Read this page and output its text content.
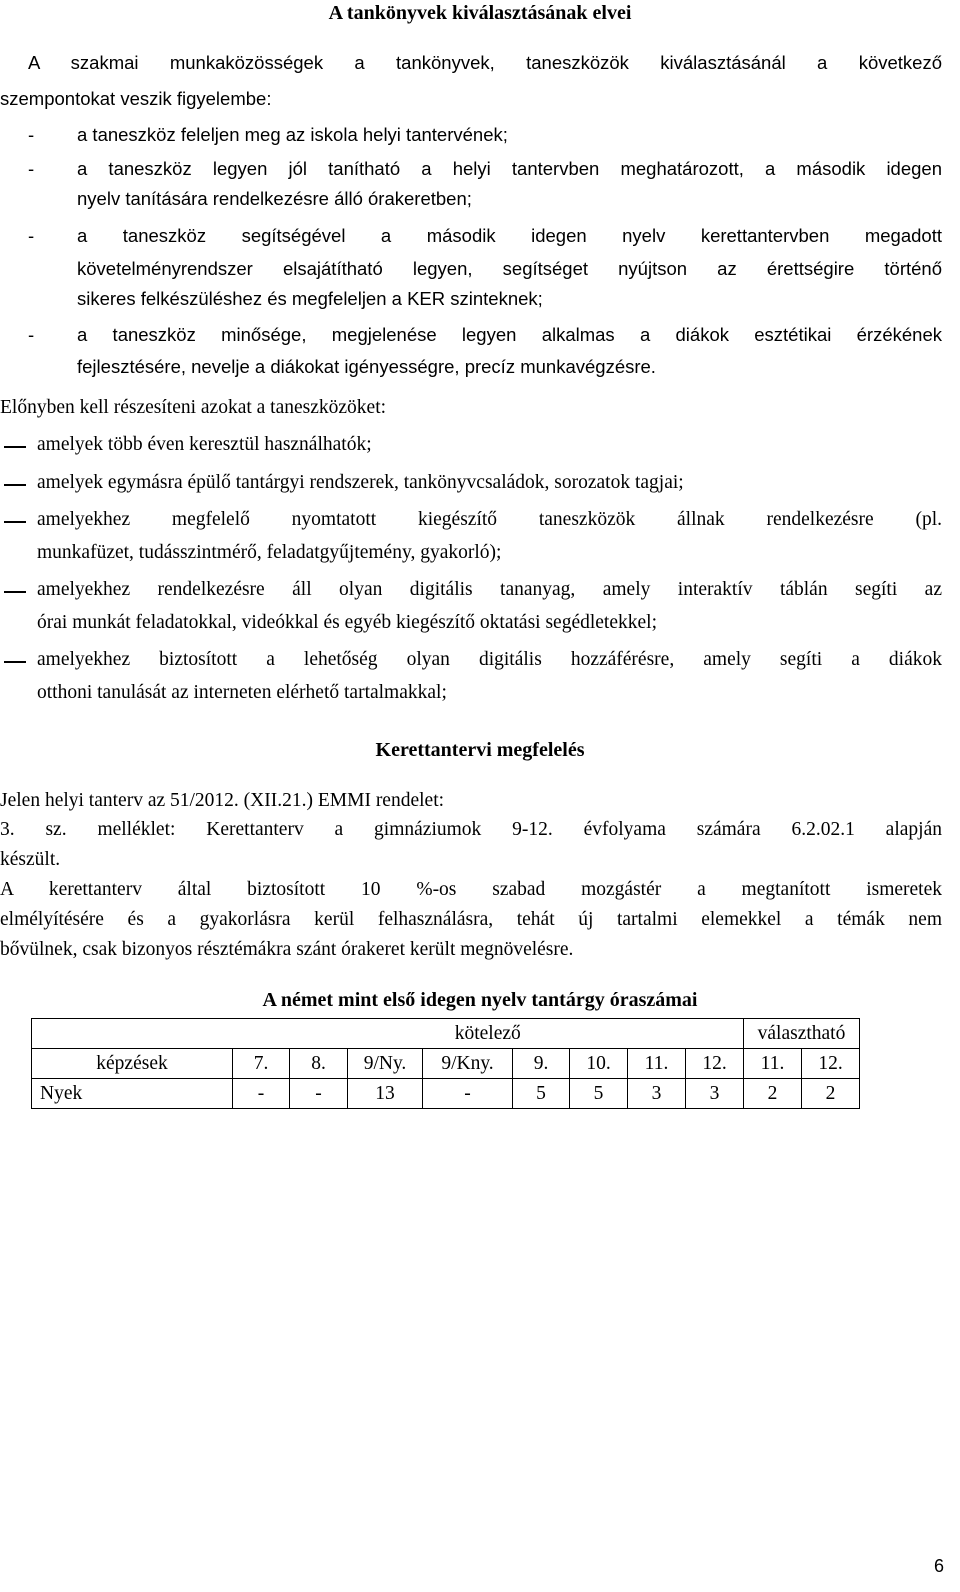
A tankönyvek kiválasztásának elvei
A szakmai munkaközösségek a tankönyvek, taneszközök kiválasztásánál a következő
szempontokat veszik figyelembe:
- a taneszköz feleljen meg az iskola helyi tantervének;
- a taneszköz legyen jól tanítható a helyi tantervben meghatározott, a második idegen
nyelv tanítására rendelkezésre álló órakeretben;
- a taneszköz segítségével a második idegen nyelv kerettantervben megadott
követelményrendszer elsajátítható legyen, segítséget nyújtson az érettségire történő
sikeres felkészüléshez és megfeleljen a KER szinteknek;
- a taneszköz minősége, megjelenése legyen alkalmas a diákok esztétikai érzékének
fejlesztésére, nevelje a diákokat igényességre, precíz munkavégzésre.
Előnyben kell részesíteni azokat a taneszközöket:
amelyek több éven keresztül használhatók;
amelyek egymásra épülő tantárgyi rendszerek, tankönyvcsaládok, sorozatok tagjai;
amelyekhez megfelelő nyomtatott kiegészítő taneszközök állnak rendelkezésre (pl.
munkafüzet, tudásszintmérő, feladatgyűjtemény, gyakorló);
amelyekhez rendelkezésre áll olyan digitális tananyag, amely interaktív táblán segíti az
órai munkát feladatokkal, videókkal és egyéb kiegészítő oktatási segédletekkel;
amelyekhez biztosított a lehetőség olyan digitális hozzáférésre, amely segíti a diákok
otthoni tanulását az interneten elérhető tartalmakkal;
Kerettantervi megfelelés
Jelen helyi tanterv az 51/2012. (XII.21.) EMMI rendelet:
3. sz. melléklet: Kerettanterv a gimnáziumok 9-12. évfolyama számára 6.2.02.1 alapján
készült.
A kerettanterv által biztosított 10 %-os szabad mozgástér a megtanított ismeretek
elmélyítésére és a gyakorlásra kerül felhasználásra, tehát új tartalmi elemekkel a témák nem
bővülnek, csak bizonyos résztémákra szánt órakeret került megnövelésre.
A német mint első idegen nyelv tantárgy óraszámai
	kötelező								választható	
képzések	7.	8.	9/Ny.	9/Kny.	9.	10.	11.	12.	11.	12.
Nyek	-	-	13	-	5	5	3	3	2	2
6
